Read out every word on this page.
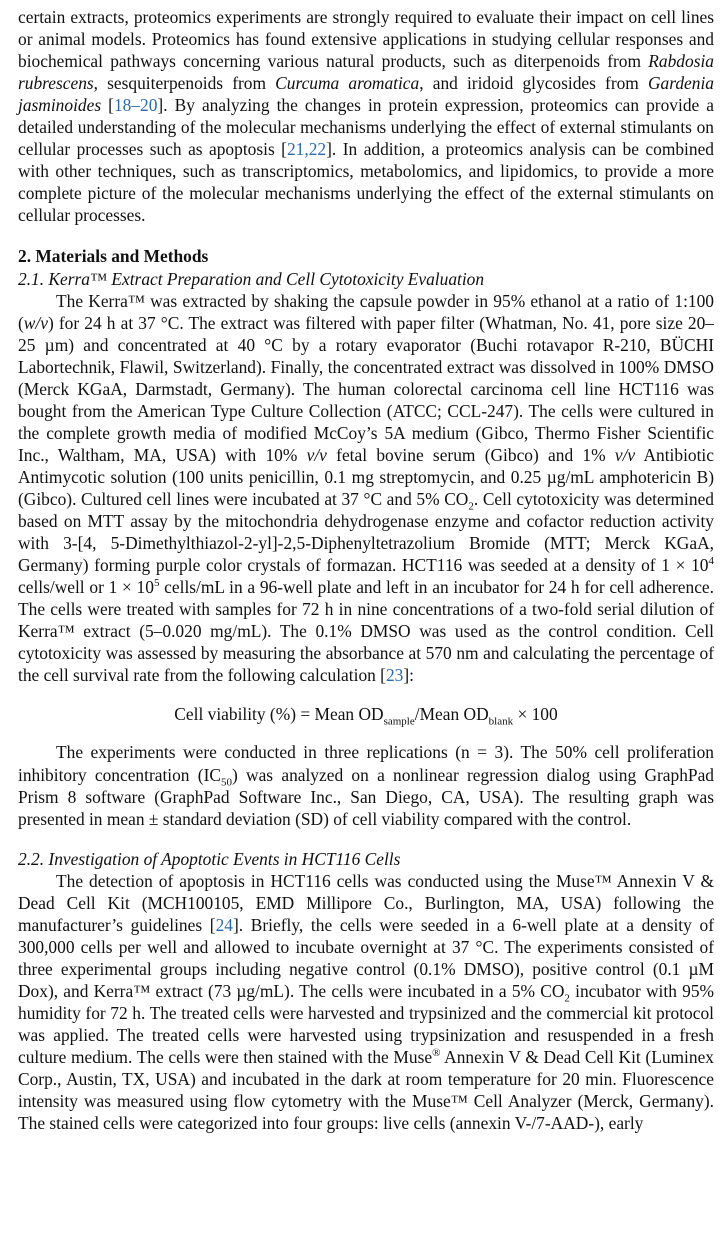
certain extracts, proteomics experiments are strongly required to evaluate their impact on cell lines or animal models. Proteomics has found extensive applications in studying cellular responses and biochemical pathways concerning various natural products, such as diterpenoids from Rabdosia rubrescens, sesquiterpenoids from Curcuma aromatica, and iridoid glycosides from Gardenia jasminoides [18–20]. By analyzing the changes in protein expression, proteomics can provide a detailed understanding of the molecular mechanisms underlying the effect of external stimulants on cellular processes such as apoptosis [21,22]. In addition, a proteomics analysis can be combined with other techniques, such as transcriptomics, metabolomics, and lipidomics, to provide a more complete picture of the molecular mechanisms underlying the effect of the external stimulants on cellular processes.

2. Materials and Methods

2.1. Kerra™ Extract Preparation and Cell Cytotoxicity Evaluation

The Kerra™ was extracted by shaking the capsule powder in 95% ethanol at a ratio of 1:100 (w/v) for 24 h at 37 °C. The extract was filtered with paper filter (Whatman, No. 41, pore size 20–25 µm) and concentrated at 40 °C by a rotary evaporator (Buchi rotavapor R-210, BÜCHI Labortechnik, Flawil, Switzerland). Finally, the concentrated extract was dissolved in 100% DMSO (Merck KGaA, Darmstadt, Germany). The human colorectal carcinoma cell line HCT116 was bought from the American Type Culture Collection (ATCC; CCL-247). The cells were cultured in the complete growth media of modified McCoy’s 5A medium (Gibco, Thermo Fisher Scientific Inc., Waltham, MA, USA) with 10% v/v fetal bovine serum (Gibco) and 1% v/v Antibiotic Antimycotic solution (100 units penicillin, 0.1 mg streptomycin, and 0.25 µg/mL amphotericin B) (Gibco). Cultured cell lines were incubated at 37 °C and 5% $CO_2$. Cell cytotoxicity was determined based on MTT assay by the mitochondria dehydrogenase enzyme and cofactor reduction activity with 3-[4, 5-Dimethylthiazol-2-yl]-2,5-Diphenyltetrazolium Bromide (MTT; Merck KGaA, Germany) forming purple color crystals of formazan. HCT116 was seeded at a density of $1 \times 10^4$ cells/well or $1 \times 10^5$ cells/mL in a 96-well plate and left in an incubator for 24 h for cell adherence. The cells were treated with samples for 72 h in nine concentrations of a two-fold serial dilution of Kerra™ extract (5–0.020 mg/mL). The 0.1% DMSO was used as the control condition. Cell cytotoxicity was assessed by measuring the absorbance at 570 nm and calculating the percentage of the cell survival rate from the following calculation [23]:

Cell viability (%) = Mean $OD_{sample}$/Mean $OD_{blank} \times 100$

The experiments were conducted in three replications (n = 3). The 50% cell proliferation inhibitory concentration $(IC_{50})$ was analyzed on a nonlinear regression dialog using GraphPad Prism 8 software (GraphPad Software Inc., San Diego, CA, USA). The resulting graph was presented in mean ± standard deviation (SD) of cell viability compared with the control.

2.2. Investigation of Apoptotic Events in HCT116 Cells

The detection of apoptosis in HCT116 cells was conducted using the Muse™ Annexin V & Dead Cell Kit (MCH100105, EMD Millipore Co., Burlington, MA, USA) following the manufacturer’s guidelines [24]. Briefly, the cells were seeded in a 6-well plate at a density of 300,000 cells per well and allowed to incubate overnight at 37 °C. The experiments consisted of three experimental groups including negative control (0.1% DMSO), positive control (0.1 µM Dox), and Kerra™ extract (73 µg/mL). The cells were incubated in a 5% $CO_2$ incubator with 95% humidity for 72 h. The treated cells were harvested and trypsinized and the commercial kit protocol was applied. The treated cells were harvested using trypsinization and resuspended in a fresh culture medium. The cells were then stained with the Muse® Annexin V & Dead Cell Kit (Luminex Corp., Austin, TX, USA) and incubated in the dark at room temperature for 20 min. Fluorescence intensity was measured using flow cytometry with the Muse™ Cell Analyzer (Merck, Germany). The stained cells were categorized into four groups: live cells (annexin V-/7-AAD-), early
